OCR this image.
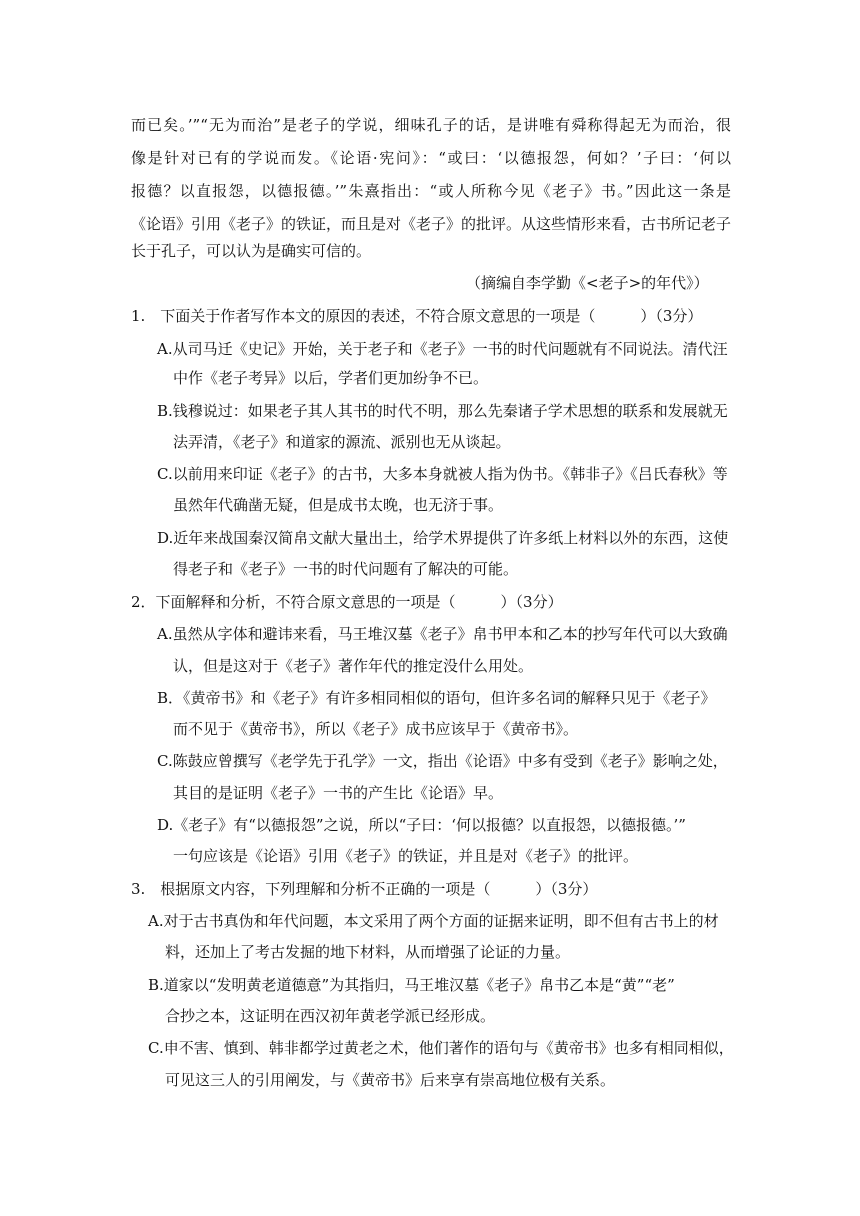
而已矣。’”“无为而治”是老子的学说，细味孔子的话，是讲唯有舜称得起无为而治，很
像是针对已有的学说而发。《论语·宪问》：“或曰：‘以德报怨，何如？’子曰：‘何以
报德？以直报怨，以德报德。’”朱熹指出：“或人所称今见《老子》书。”因此这一条是
《论语》引用《老子》的铁证，而且是对《老子》的批评。从这些情形来看，古书所记老子
长于孔子，可以认为是确实可信的。
（摘编自李学勤《<老子>的年代》）
1.　下面关于作者写作本文的原因的表述，不符合原文意思的一项是（　　　）（3分）
A.从司马迁《史记》开始，关于老子和《老子》一书的时代问题就有不同说法。清代汪
中作《老子考异》以后，学者们更加纷争不已。
B.钱穆说过：如果老子其人其书的时代不明，那么先秦诸子学术思想的联系和发展就无
法弄清，《老子》和道家的源流、派别也无从谈起。
C.以前用来印证《老子》的古书，大多本身就被人指为伪书。《韩非子》《吕氏春秋》等
虽然年代确凿无疑，但是成书太晚，也无济于事。
D.近年来战国秦汉简帛文献大量出土，给学术界提供了许多纸上材料以外的东西，这使
得老子和《老子》一书的时代问题有了解决的可能。
2．下面解释和分析，不符合原文意思的一项是（　　　）（3分）
A.虽然从字体和避讳来看，马王堆汉墓《老子》帛书甲本和乙本的抄写年代可以大致确
认，但是这对于《老子》著作年代的推定没什么用处。
B．《黄帝书》和《老子》有许多相同相似的语句，但许多名词的解释只见于《老子》
而不见于《黄帝书》，所以《老子》成书应该早于《黄帝书》。
C.陈鼓应曾撰写《老学先于孔学》一文，指出《论语》中多有受到《老子》影响之处，
其目的是证明《老子》一书的产生比《论语》早。
D.《老子》有“以德报怨”之说，所以“子曰：‘何以报德？以直报怨，以德报德。’”
一句应该是《论语》引用《老子》的铁证，并且是对《老子》的批评。
3.　根据原文内容，下列理解和分析不正确的一项是（　　　）（3分）
A.对于古书真伪和年代问题，本文采用了两个方面的证据来证明，即不但有古书上的材
料，还加上了考古发掘的地下材料，从而增强了论证的力量。
B.道家以“发明黄老道德意”为其指归，马王堆汉墓《老子》帛书乙本是“黄”“老”
合抄之本，这证明在西汉初年黄老学派已经形成。
C.申不害、慎到、韩非都学过黄老之术，他们著作的语句与《黄帝书》也多有相同相似，
可见这三人的引用阐发，与《黄帝书》后来享有崇高地位极有关系。
